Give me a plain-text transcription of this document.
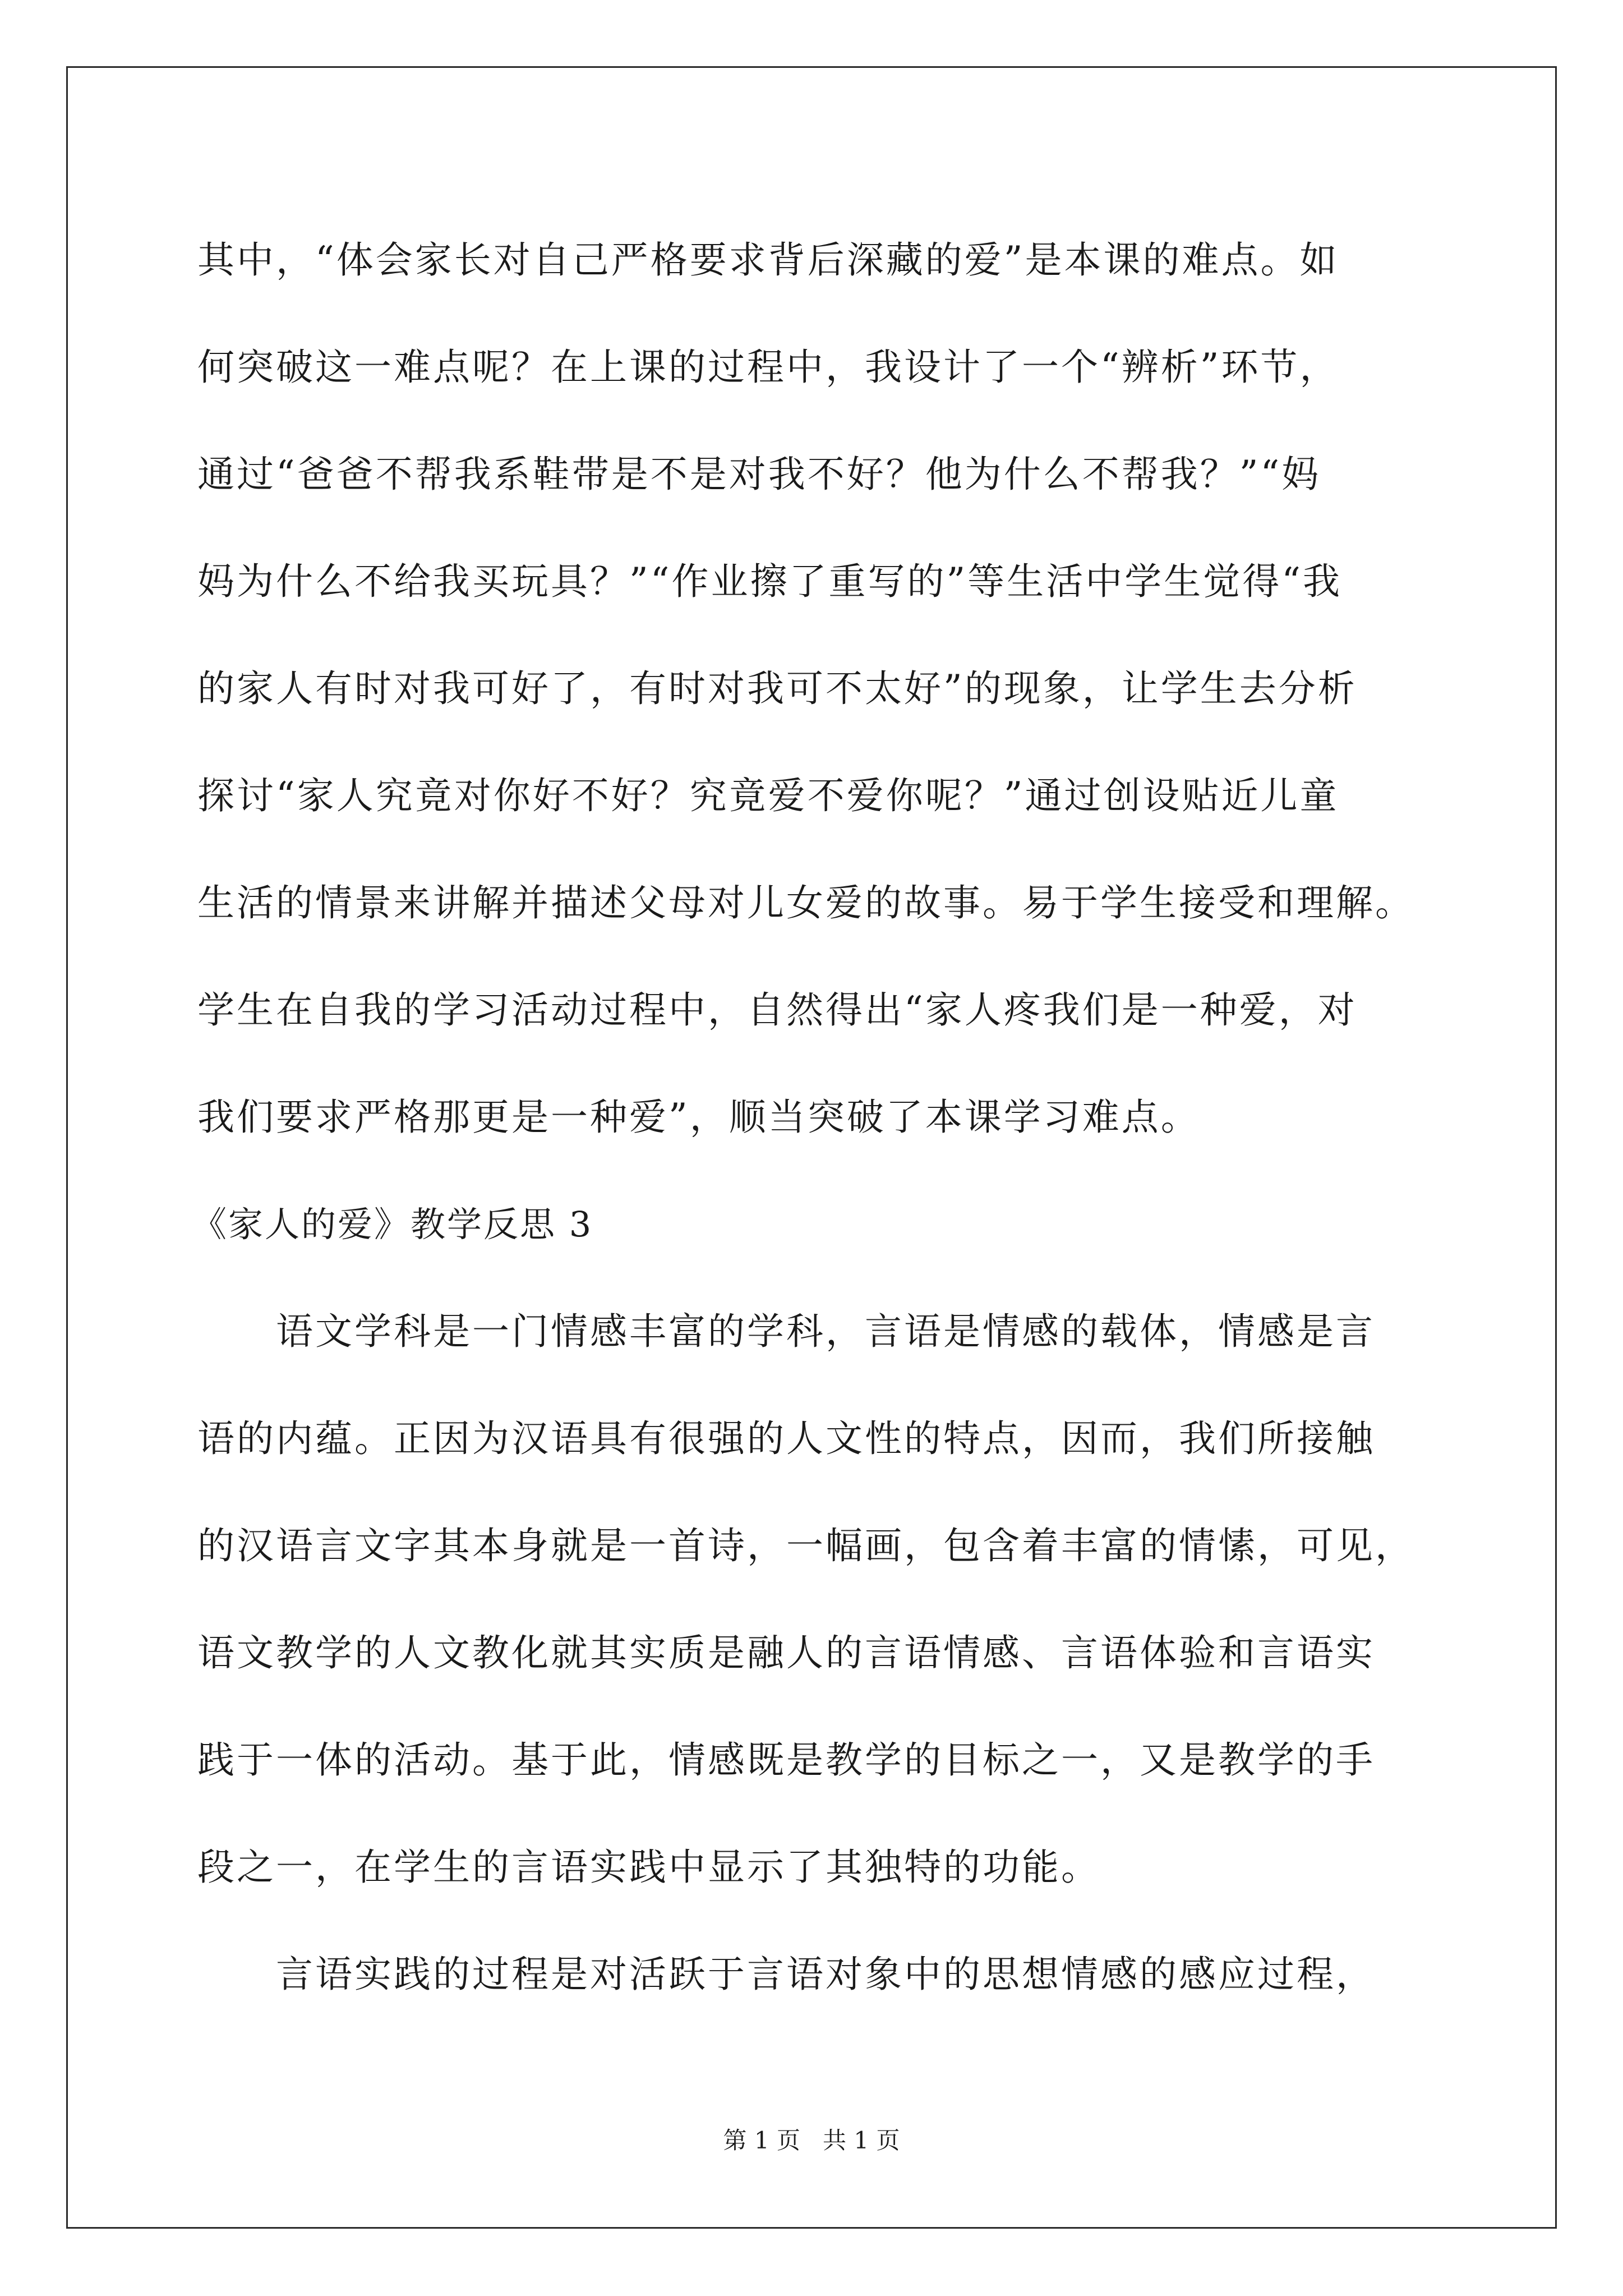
其中，“体会家长对自己严格要求背后深藏的爱”是本课的难点。如
何突破这一难点呢？在上课的过程中，我设计了一个“辨析”环节，
通过“爸爸不帮我系鞋带是不是对我不好？他为什么不帮我？”“妈
妈为什么不给我买玩具？”“作业擦了重写的”等生活中学生觉得“我
的家人有时对我可好了，有时对我可不太好”的现象，让学生去分析
探讨“家人究竟对你好不好？究竟爱不爱你呢？”通过创设贴近儿童
生活的情景来讲解并描述父母对儿女爱的故事。易于学生接受和理解。
学生在自我的学习活动过程中，自然得出“家人疼我们是一种爱，对
我们要求严格那更是一种爱”，顺当突破了本课学习难点。
《家人的爱》教学反思 3
语文学科是一门情感丰富的学科，言语是情感的载体，情感是言
语的内蕴。正因为汉语具有很强的人文性的特点，因而，我们所接触
的汉语言文字其本身就是一首诗，一幅画，包含着丰富的情愫，可见，
语文教学的人文教化就其实质是融人的言语情感、言语体验和言语实
践于一体的活动。基于此，情感既是教学的目标之一，又是教学的手
段之一，在学生的言语实践中显示了其独特的功能。
言语实践的过程是对活跃于言语对象中的思想情感的感应过程，
第 1 页   共 1 页
